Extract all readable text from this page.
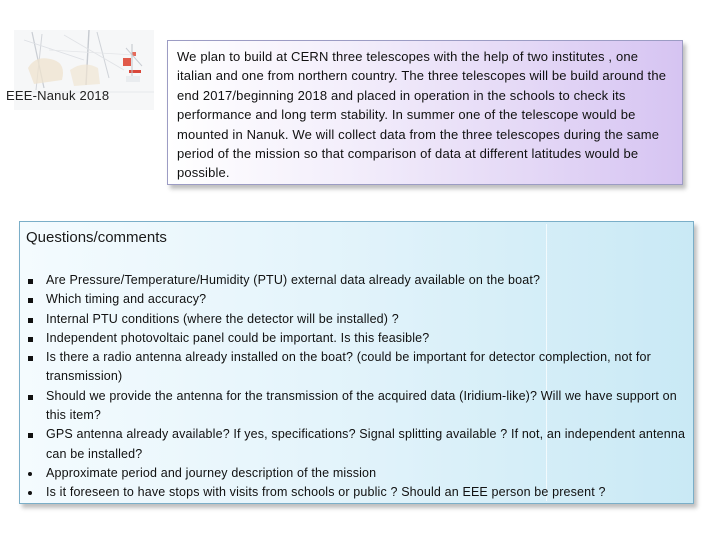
EEE-Nanuk 2018

We plan to build at CERN three telescopes with the help of two institutes , one italian and one from northern country. The three telescopes will be build around the end 2017/beginning 2018 and placed in operation in the schools to check its performance and long term stability. In summer one of the telescope would be mounted in Nanuk. We will collect data from the three telescopes during the same period of the mission so that comparison of data at different latitudes would be possible.

Questions/comments
Are Pressure/Temperature/Humidity (PTU) external data already available on the boat?
Which timing and accuracy?
Internal PTU conditions (where the detector will be installed) ?
Independent photovoltaic panel could be important. Is this feasible?
Is there a radio antenna already installed on the boat? (could be important for detector complection, not for transmission)
Should we provide the antenna for the transmission of the acquired data (Iridium-like)? Will we have support on this item?
GPS antenna already available? If yes, specifications? Signal splitting available ? If not, an independent antenna can be installed?
Approximate period and journey description of the mission
Is it foreseen to have stops with visits from schools or public ? Should an EEE person be present ?
